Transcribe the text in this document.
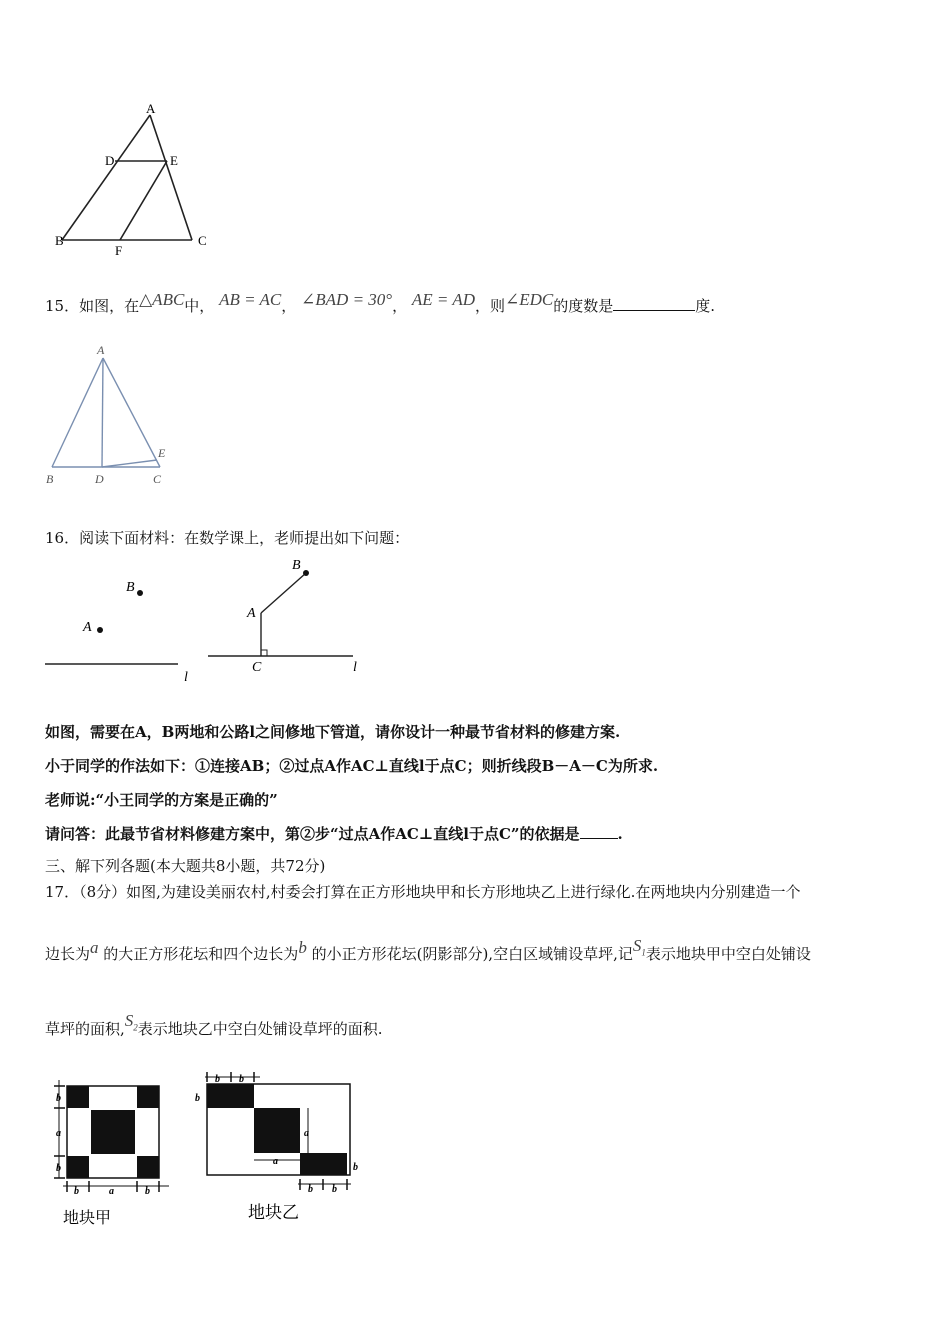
A
D	E
B
F
C
15．如图，在△ABC中， AB = AC， ∠BAD = 30°， AE = AD，则∠EDC的度数是	度.
A
B	D	C
E
16．阅读下面材料：在数学课上，老师提出如下问题：
B
A
l
B
A
C	l
如图，需要在A，B两地和公路l之间修地下管道，请你设计一种最节省材料的修建方案.
小于同学的作法如下：①连接AB；②过点A作AC⊥直线l于点C；则折线段B－A－C为所求.
老师说:“小王同学的方案是正确的”
请问答：此最节省材料修建方案中，第②步“过点A作AC⊥直线l于点C”的依据是	.
三、解下列各题(本大题共8小题，共72分)
17．（8分）如图,为建设美丽农村,村委会打算在正方形地块甲和长方形地块乙上进行绿化.在两地块内分别建造一个
边长为a 的大正方形花坛和四个边长为b 的小正方形花坛(阴影部分),空白区域铺设草坪,记$S_1$表示地块甲中空白处铺设
草坪的面积$,S_2$表示地块乙中空白处铺设草坪的面积.
b
a
b
b	a	b
地块甲
b b
b
a
a
b
b b
地块乙
